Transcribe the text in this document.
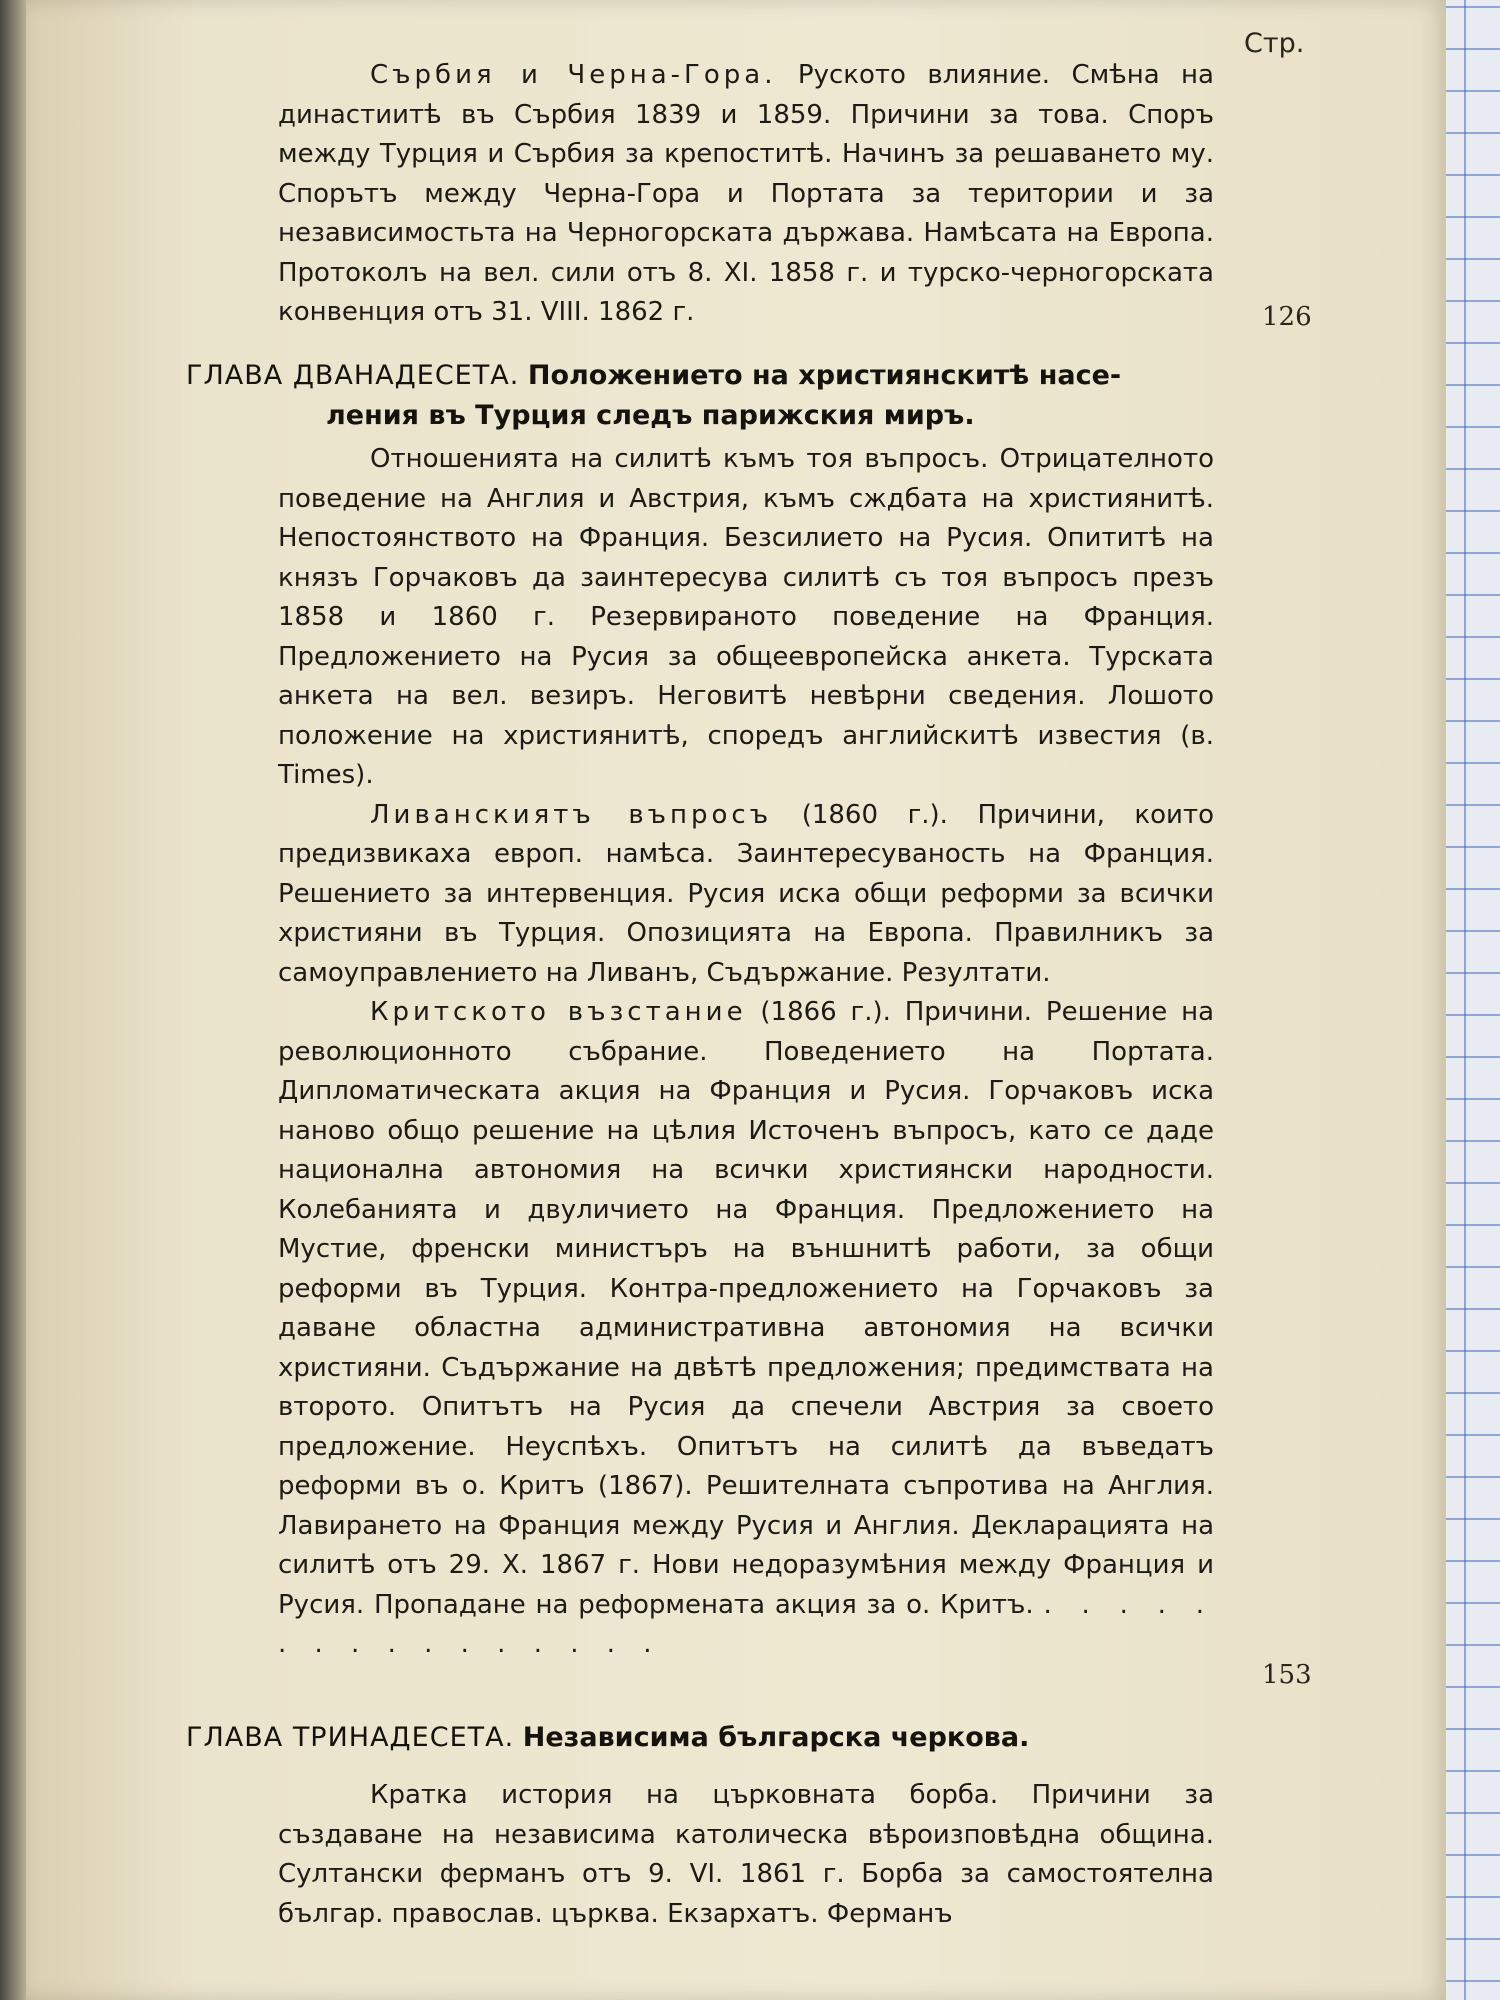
Стр.

Сърбия и Черна-Гора. Руското влияние. Смѣна на династиитѣ въ Сърбия 1839 и 1859. Причини за това. Споръ между Турция и Сърбия за крепоститѣ. Начинъ за решаването му. Спорътъ между Черна-Гора и Портата за територии и за независимостьта на Черногорската държава. Намѣсата на Европа. Протоколъ на вел. сили отъ 8. XI. 1858 г. и турско-черногорската конвенция отъ 31. VIII. 1862 г.	126
ГЛАВА ДВАНАДЕСЕТА. Положението на християнскитѣ насе-
ления въ Турция следъ парижския миръ.

Отношенията на силитѣ къмъ тоя въпросъ. Отрицателното поведение на Англия и Австрия, къмъ сждбата на християнитѣ. Непостоянството на Франция. Безсилието на Русия. Опититѣ на князъ Горчаковъ да заинтересува силитѣ съ тоя въпросъ презъ 1858 и 1860 г. Резервираното поведение на Франция. Предложението на Русия за общеевропейска анкета. Турската анкета на вел. везиръ. Неговитѣ невѣрни сведения. Лошото положение на християнитѣ, споредъ английскитѣ известия (в. Times).

Ливанскиятъ въпросъ (1860 г.). Причини, които предизвикаха европ. намѣса. Заинтересуваность на Франция. Решението за интервенция. Русия иска общи реформи за всички християни въ Турция. Опозицията на Европа. Правилникъ за самоуправлението на Ливанъ, Съдържание. Резултати.

Критското възстание (1866 г.). Причини. Решение на революционното събрание. Поведението на Портата. Дипломатическата акция на Франция и Русия. Горчаковъ иска наново общо решение на цѣлия Источенъ въпросъ, като се даде национална автономия на всички християнски народности. Колебанията и двуличието на Франция. Предложението на Мустие, френски министъръ на външнитѣ работи, за общи реформи въ Турция. Контра-предложението на Горчаковъ за даване областна административна автономия на всички християни. Съдържание на двѣтѣ предложения; предимствата на второто. Опитътъ на Русия да спечели Австрия за своето предложение. Неуспѣхъ. Опитътъ на силитѣ да въведатъ реформи въ о. Критъ (1867). Решителната съпротива на Англия. Лавирането на Франция между Русия и Англия. Декларацията на силитѣ отъ 29. X. 1867 г. Нови недоразумѣния между Франция и Русия. Пропадане на реформената акция за о. Критъ. . . . . . . . . . . . . . . . .

153
ГЛАВА ТРИНАДЕСЕТА. Независима българска черкова.

Кратка история на църковната борба. Причини за създаване на независима католическа вѣроизповѣдна община. Султански ферманъ отъ 9. VI. 1861 г. Борба за самостоятелна българ. православ. църква. Екзархатъ. Ферманъ
